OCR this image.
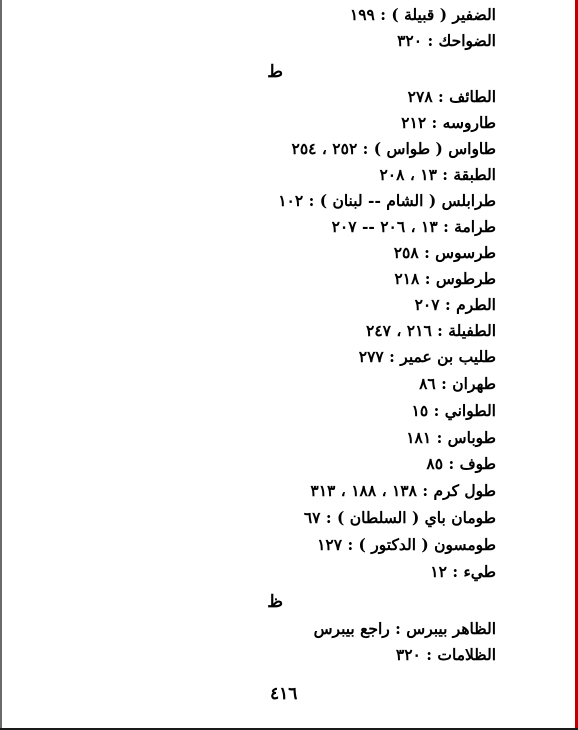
الضفير ( قبيلة ) : ١٩٩
الضواحك : ٣٢٠
ط
الطائف : ٢٧٨
طاروسه : ٢١٢
طاواس ( طواس ) : ٢٥٢ ، ٢٥٤
الطبقة : ١٣ ، ٢٠٨
طرابلس ( الشام -- لبنان ) : ١٠٢
طرامة : ١٣ ، ٢٠٦ -- ٢٠٧
طرسوس : ٢٥٨
طرطوس : ٢١٨
الطرم : ٢٠٧
الطفيلة : ٢١٦ ، ٢٤٧
طليب بن عمير : ٢٧٧
طهران : ٨٦
الطواني : ١٥
طوباس : ١٨١
طوف : ٨٥
طول كرم : ١٣٨ ، ١٨٨ ، ٣١٣
طومان باي ( السلطان ) : ٦٧
طومسون ( الدكتور ) : ١٢٧
طيء : ١٢
ظ
الظاهر بيبرس : راجع بيبرس
الظلامات : ٣٢٠
٤١٦
